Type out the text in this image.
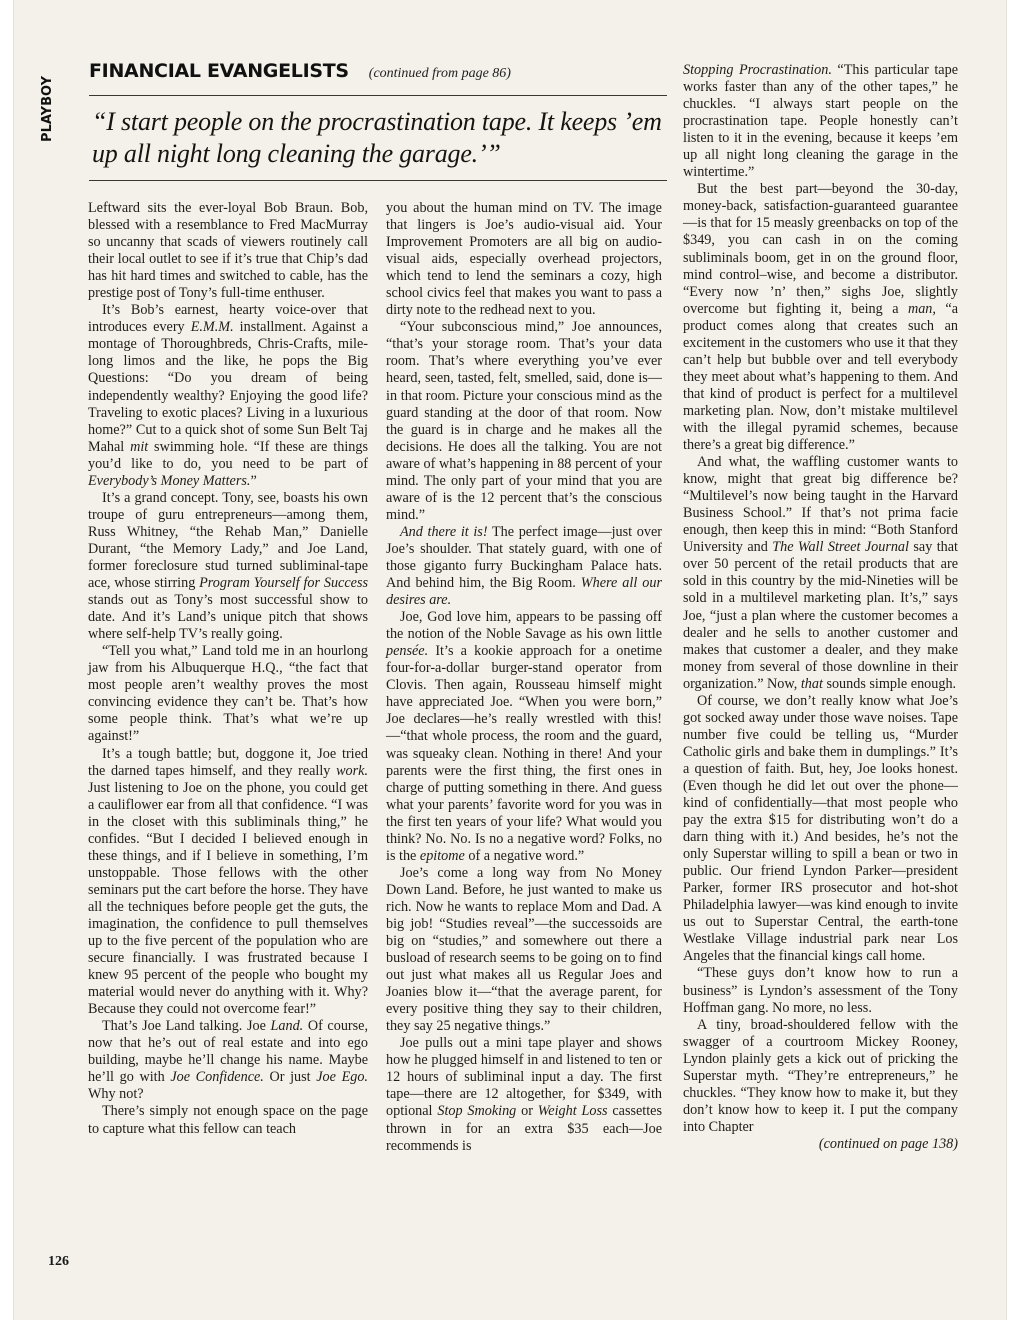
PLAYBOY
FINANCIAL EVANGELISTS (continued from page 86)
“I start people on the procrastination tape. It keeps ’em up all night long cleaning the garage.’”

Leftward sits the ever-loyal Bob Braun. Bob, blessed with a resemblance to Fred MacMurray so uncanny that scads of viewers routinely call their local outlet to see if it’s true that Chip’s dad has hit hard times and switched to cable, has the prestige post of Tony’s full-time enthuser.

It’s Bob’s earnest, hearty voice-over that introduces every E.M.M. installment. Against a montage of Thoroughbreds, Chris-Crafts, mile-long limos and the like, he pops the Big Questions: “Do you dream of being independently wealthy? Enjoying the good life? Traveling to exotic places? Living in a luxurious home?” Cut to a quick shot of some Sun Belt Taj Mahal mit swimming hole. “If these are things you’d like to do, you need to be part of Everybody’s Money Matters.”

It’s a grand concept. Tony, see, boasts his own troupe of guru entrepreneurs—among them, Russ Whitney, “the Rehab Man,” Danielle Durant, “the Memory Lady,” and Joe Land, former foreclosure stud turned subliminal-tape ace, whose stirring Program Yourself for Success stands out as Tony’s most successful show to date. And it’s Land’s unique pitch that shows where self-help TV’s really going.

“Tell you what,” Land told me in an hourlong jaw from his Albuquerque H.Q., “the fact that most people aren’t wealthy proves the most convincing evidence they can’t be. That’s how some people think. That’s what we’re up against!”

It’s a tough battle; but, doggone it, Joe tried the darned tapes himself, and they really work. Just listening to Joe on the phone, you could get a cauliflower ear from all that confidence. “I was in the closet with this subliminals thing,” he confides. “But I decided I believed enough in these things, and if I believe in something, I’m unstoppable. Those fellows with the other seminars put the cart before the horse. They have all the techniques before people get the guts, the imagination, the confidence to pull themselves up to the five percent of the population who are secure financially. I was frustrated because I knew 95 percent of the people who bought my material would never do anything with it. Why? Because they could not overcome fear!”

That’s Joe Land talking. Joe Land. Of course, now that he’s out of real estate and into ego building, maybe he’ll change his name. Maybe he’ll go with Joe Confidence. Or just Joe Ego. Why not?

There’s simply not enough space on the page to capture what this fellow can teach

you about the human mind on TV. The image that lingers is Joe’s audio-visual aid. Your Improvement Promoters are all big on audio-visual aids, especially overhead projectors, which tend to lend the seminars a cozy, high school civics feel that makes you want to pass a dirty note to the redhead next to you.

“Your subconscious mind,” Joe announces, “that’s your storage room. That’s your data room. That’s where everything you’ve ever heard, seen, tasted, felt, smelled, said, done is—in that room. Picture your conscious mind as the guard standing at the door of that room. Now the guard is in charge and he makes all the decisions. He does all the talking. You are not aware of what’s happening in 88 percent of your mind. The only part of your mind that you are aware of is the 12 percent that’s the conscious mind.”

And there it is! The perfect image—just over Joe’s shoulder. That stately guard, with one of those giganto furry Buckingham Palace hats. And behind him, the Big Room. Where all our desires are.

Joe, God love him, appears to be passing off the notion of the Noble Savage as his own little pensée. It’s a kookie approach for a onetime four-for-a-dollar burger-stand operator from Clovis. Then again, Rousseau himself might have appreciated Joe. “When you were born,” Joe declares—he’s really wrestled with this!—“that whole process, the room and the guard, was squeaky clean. Nothing in there! And your parents were the first thing, the first ones in charge of putting something in there. And guess what your parents’ favorite word for you was in the first ten years of your life? What would you think? No. No. Is no a negative word? Folks, no is the epitome of a negative word.”

Joe’s come a long way from No Money Down Land. Before, he just wanted to make us rich. Now he wants to replace Mom and Dad. A big job! “Studies reveal”—the successoids are big on “studies,” and somewhere out there a busload of research seems to be going on to find out just what makes all us Regular Joes and Joanies blow it—“that the average parent, for every positive thing they say to their children, they say 25 negative things.”

Joe pulls out a mini tape player and shows how he plugged himself in and listened to ten or 12 hours of subliminal input a day. The first tape—there are 12 altogether, for $349, with optional Stop Smoking or Weight Loss cassettes thrown in for an extra $35 each—Joe recommends is

Stopping Procrastination. “This particular tape works faster than any of the other tapes,” he chuckles. “I always start people on the procrastination tape. People honestly can’t listen to it in the evening, because it keeps ’em up all night long cleaning the garage in the wintertime.”

But the best part—beyond the 30-day, money-back, satisfaction-guaranteed guarantee—is that for 15 measly greenbacks on top of the $349, you can cash in on the coming subliminals boom, get in on the ground floor, mind control–wise, and become a distributor. “Every now ’n’ then,” sighs Joe, slightly overcome but fighting it, being a man, “a product comes along that creates such an excitement in the customers who use it that they can’t help but bubble over and tell everybody they meet about what’s happening to them. And that kind of product is perfect for a multilevel marketing plan. Now, don’t mistake multilevel with the illegal pyramid schemes, because there’s a great big difference.”

And what, the waffling customer wants to know, might that great big difference be? “Multilevel’s now being taught in the Harvard Business School.” If that’s not prima facie enough, then keep this in mind: “Both Stanford University and The Wall Street Journal say that over 50 percent of the retail products that are sold in this country by the mid-Nineties will be sold in a multilevel marketing plan. It’s,” says Joe, “just a plan where the customer becomes a dealer and he sells to another customer and makes that customer a dealer, and they make money from several of those downline in their organization.” Now, that sounds simple enough.

Of course, we don’t really know what Joe’s got socked away under those wave noises. Tape number five could be telling us, “Murder Catholic girls and bake them in dumplings.” It’s a question of faith. But, hey, Joe looks honest. (Even though he did let out over the phone—kind of confidentially—that most people who pay the extra $15 for distributing won’t do a darn thing with it.) And besides, he’s not the only Superstar willing to spill a bean or two in public. Our friend Lyndon Parker—president Parker, former IRS prosecutor and hot-shot Philadelphia lawyer—was kind enough to invite us out to Superstar Central, the earth-tone Westlake Village industrial park near Los Angeles that the financial kings call home.

“These guys don’t know how to run a business” is Lyndon’s assessment of the Tony Hoffman gang. No more, no less.

A tiny, broad-shouldered fellow with the swagger of a courtroom Mickey Rooney, Lyndon plainly gets a kick out of pricking the Superstar myth. “They’re entrepreneurs,” he chuckles. “They know how to make it, but they don’t know how to keep it. I put the company into Chapter

(continued on page 138)
126
